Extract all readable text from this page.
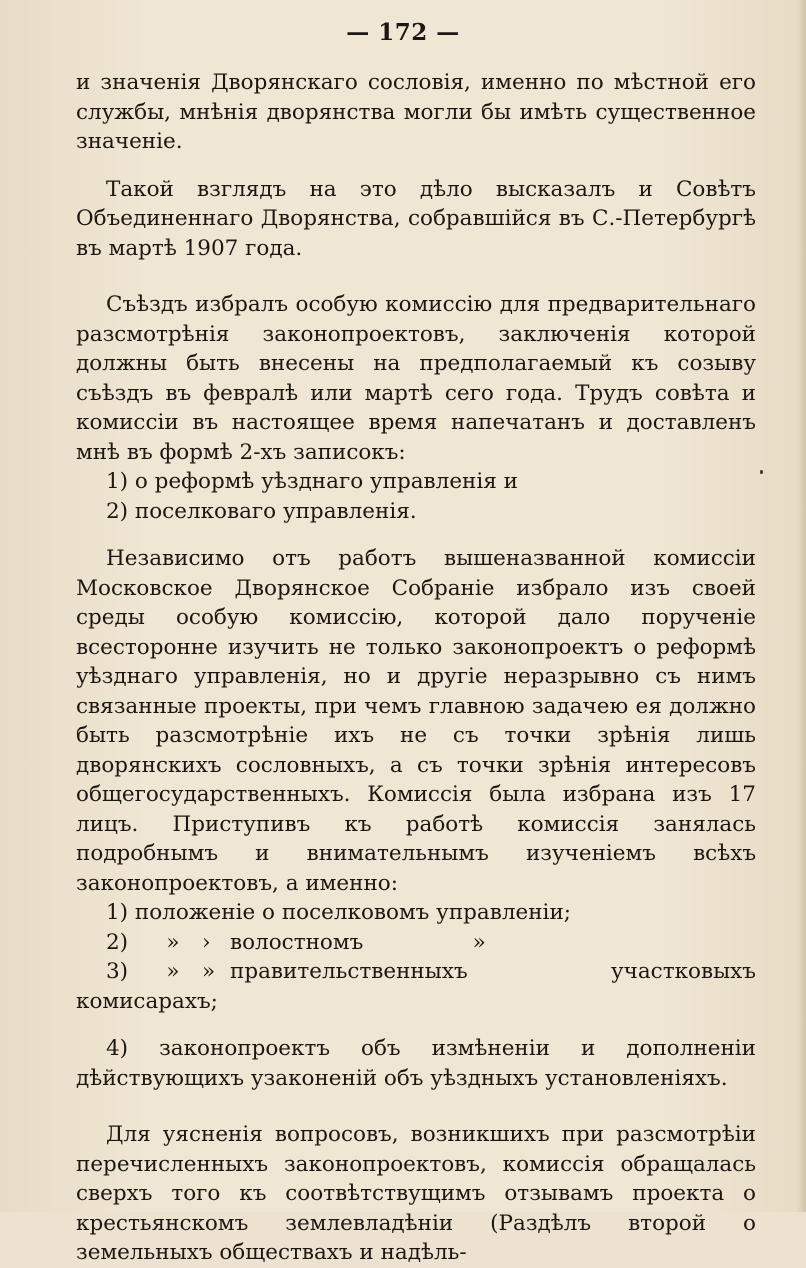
— 172 —

и значенія Дворянскаго сословія, именно по мѣстной его службы, мнѣнія дворянства могли бы имѣть существенное значеніе.

Такой взглядъ на это дѣло высказалъ и Совѣтъ Объединеннаго Дворянства, собравшійся въ С.-Петербургѣ въ мартѣ 1907 года.

Съѣздъ избралъ особую комиссію для предварительнаго разсмотрѣнія законопроектовъ, заключенія которой должны быть внесены на предполагаемый къ созыву съѣздъ въ февралѣ или мартѣ сего года. Трудъ совѣта и комиссіи въ настоящее время напечатанъ и доставленъ мнѣ въ формѣ 2-хъ записокъ:

1) о реформѣ уѣзднаго управленія и

2) поселковаго управленія.

Независимо отъ работъ вышеназванной комиссіи Московское Дворянское Собраніе избрало изъ своей среды особую комиссію, которой дало порученіе всесторонне изучить не только законопроектъ о реформѣ уѣзднаго управленія, но и другіе неразрывно съ нимъ связанные проекты, при чемъ главною задачею ея должно быть разсмотрѣніе ихъ не съ точки зрѣнія лишь дворянскихъ сословныхъ, а съ точки зрѣнія интересовъ общегосударственныхъ. Комиссія была избрана изъ 17 лицъ. Приступивъ къ работѣ комиссія занялась подробнымъ и внимательнымъ изученіемъ всѣхъ законопроектовъ, а именно:

1) положеніе о поселковомъ управленіи;

2) » › волостномъ	»

3) » » правительственныхъ участковыхъ комисарахъ;

4) законопроектъ объ измѣненіи и дополненіи дѣйствующихъ узаконеній объ уѣздныхъ установленіяхъ.

Для уясненія вопросовъ, возникшихъ при разсмотрѣіи перечисленныхъ законопроектовъ, комиссія обращалась сверхъ того къ соотвѣтствущимъ отзывамъ проекта о крестьянскомъ землевладѣніи (Раздѣлъ второй о земельныхъ обществахъ и надѣль-
